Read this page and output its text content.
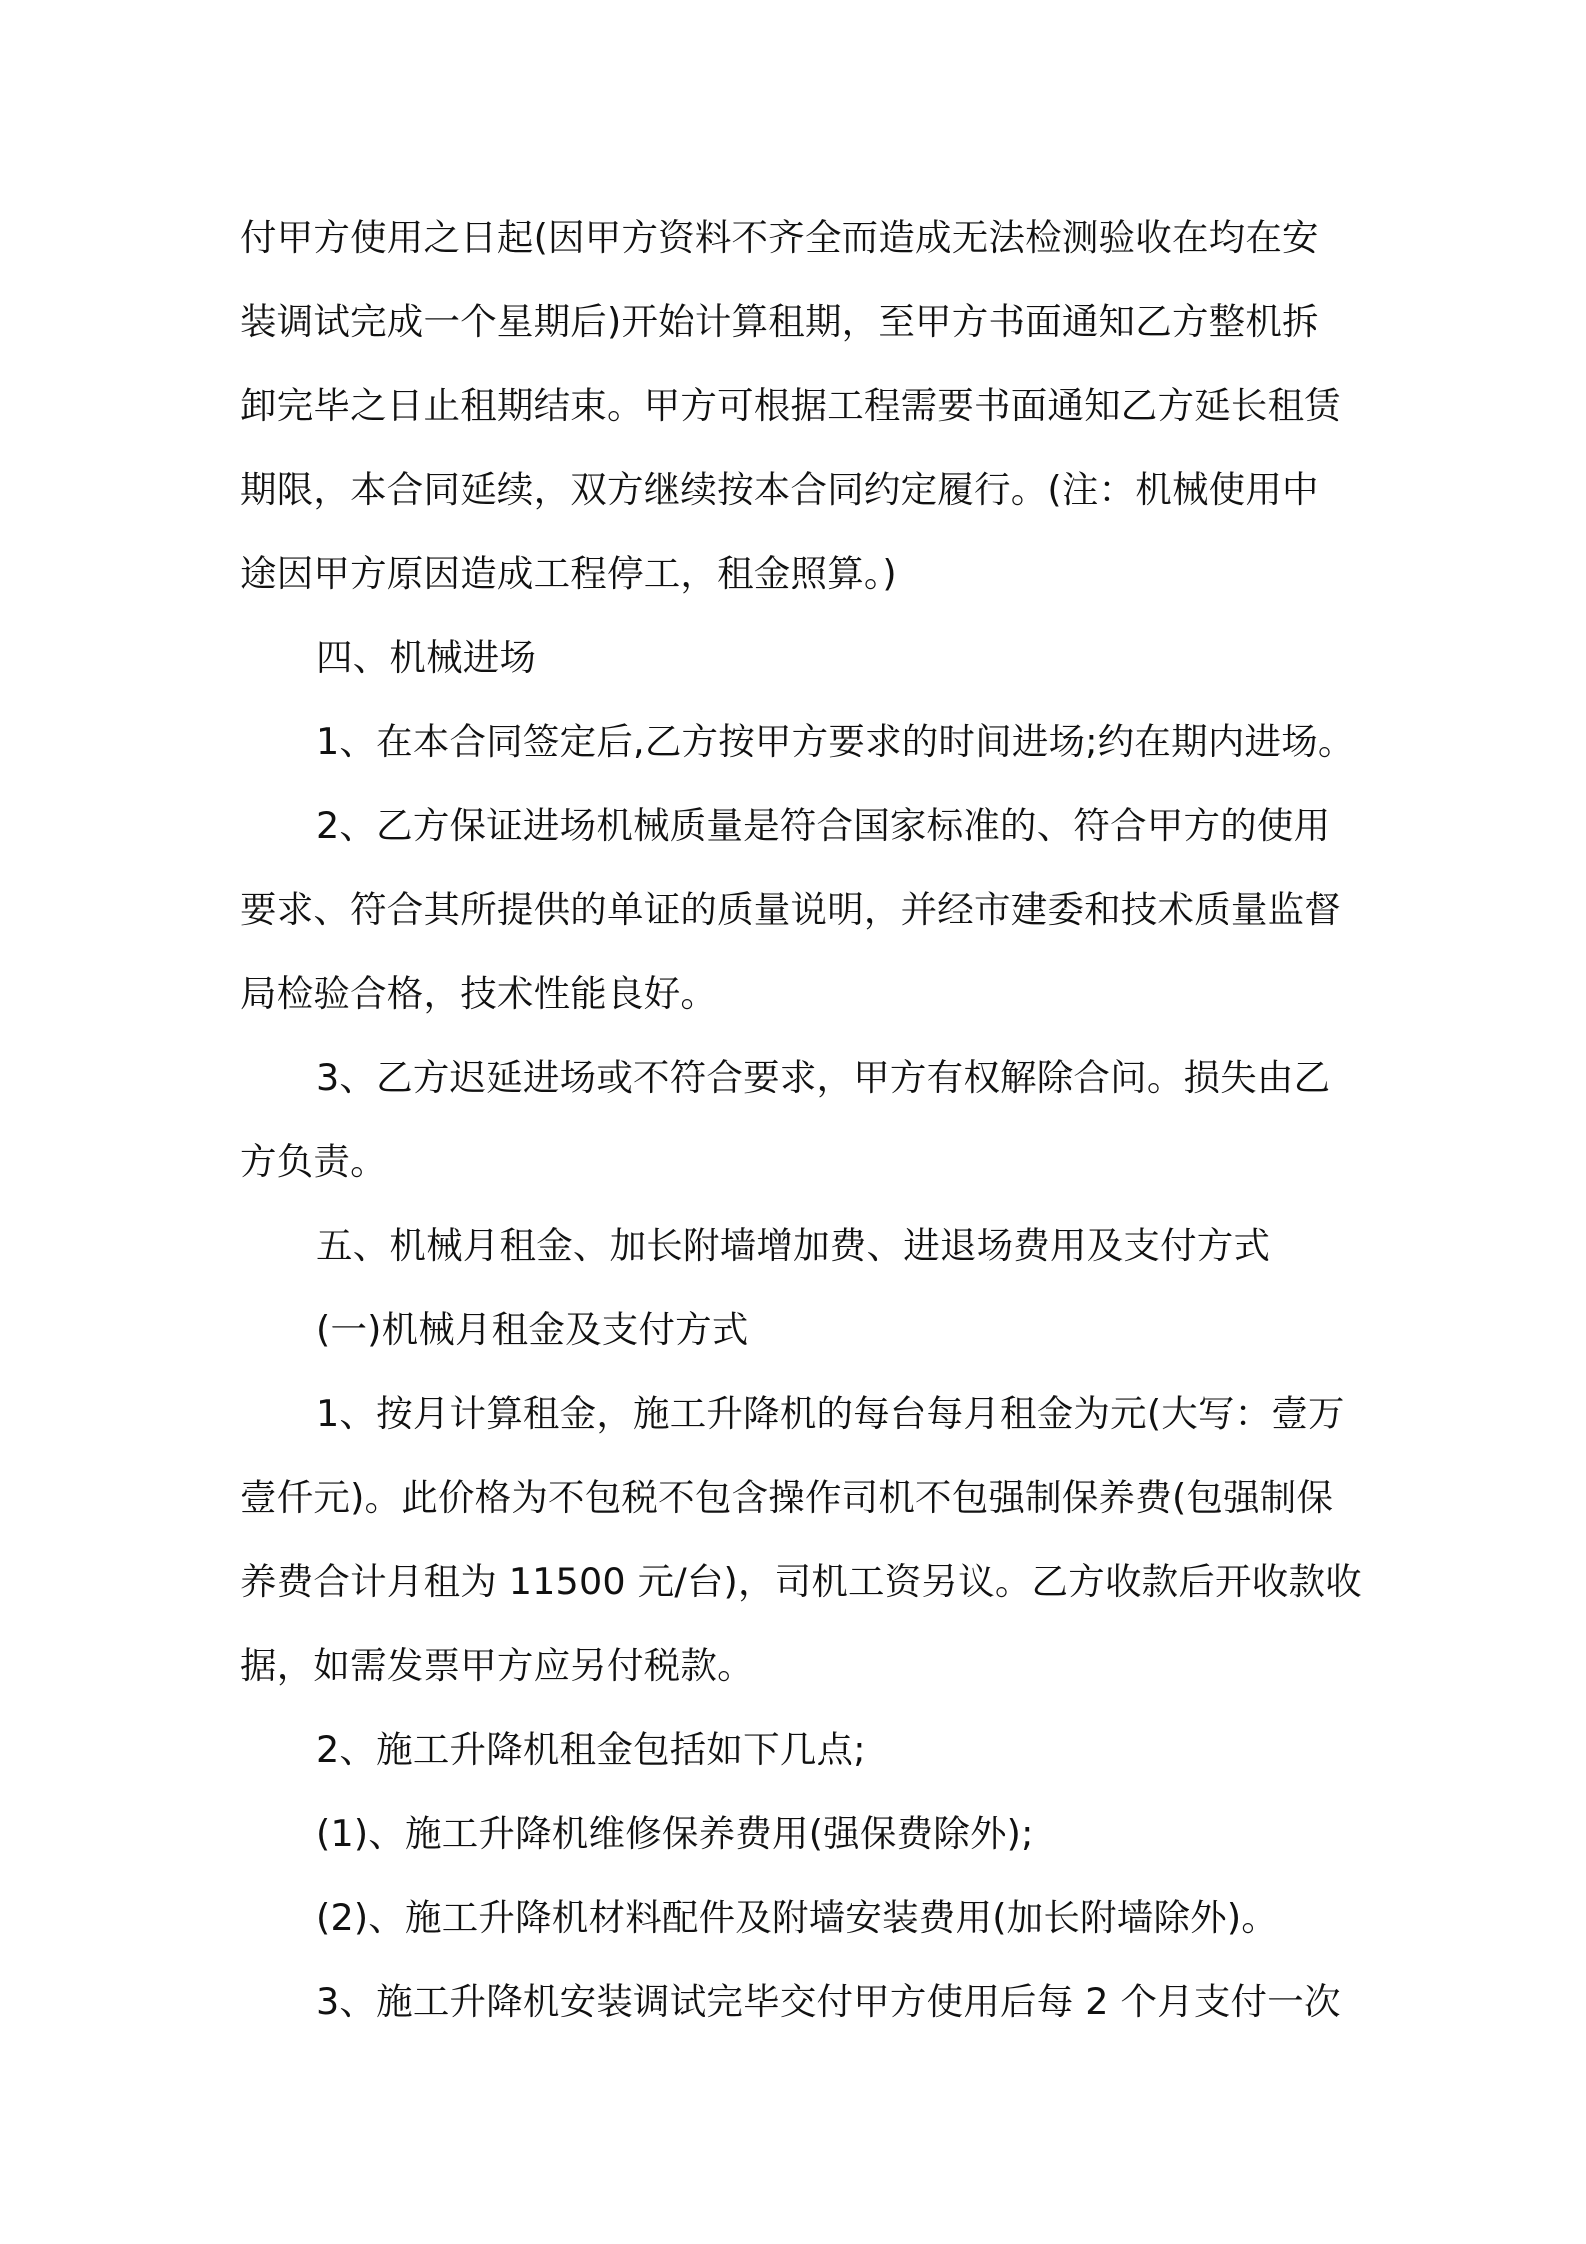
付甲方使用之日起(因甲方资料不齐全而造成无法检测验收在均在安
装调试完成一个星期后)开始计算租期，至甲方书面通知乙方整机拆
卸完毕之日止租期结束。甲方可根据工程需要书面通知乙方延长租赁
期限，本合同延续，双方继续按本合同约定履行。(注：机械使用中
途因甲方原因造成工程停工，租金照算。)
四、机械进场
1、在本合同签定后,乙方按甲方要求的时间进场;约在期内进场。
2、乙方保证进场机械质量是符合国家标准的、符合甲方的使用
要求、符合其所提供的单证的质量说明，并经市建委和技术质量监督
局检验合格，技术性能良好。
3、乙方迟延进场或不符合要求，甲方有权解除合问。损失由乙
方负责。
五、机械月租金、加长附墙增加费、进退场费用及支付方式
(一)机械月租金及支付方式
1、按月计算租金，施工升降机的每台每月租金为元(大写：壹万
壹仟元)。此价格为不包税不包含操作司机不包强制保养费(包强制保
养费合计月租为 11500 元/台)，司机工资另议。乙方收款后开收款收
据，如需发票甲方应另付税款。
2、施工升降机租金包括如下几点;
(1)、施工升降机维修保养费用(强保费除外);
(2)、施工升降机材料配件及附墙安装费用(加长附墙除外)。
3、施工升降机安装调试完毕交付甲方使用后每 2 个月支付一次
